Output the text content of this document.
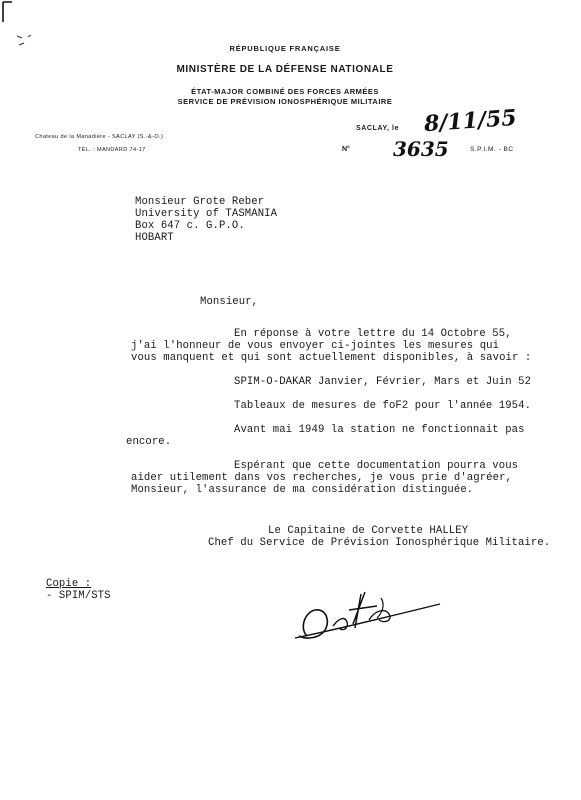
RÉPUBLIQUE FRANÇAISE
MINISTÈRE DE LA DÉFENSE NATIONALE
ÉTAT-MAJOR COMBINÉ DES FORCES ARMÉES
SERVICE DE PRÉVISION IONOSPHÉRIQUE MILITAIRE
Chateau de la Manadière - SACLAY (S.-&-O.)
TÉL. : MANDARD 74-17
SACLAY, le 8/11/55
N° 3635	S.P.I.M. - BC
Monsieur Grote Reber
University of TASMANIA
Box 647 c. G.P.O.
HOBART
Monsieur,
En réponse à votre lettre du 14 Octobre 55,
j'ai l'honneur de vous envoyer ci-jointes les mesures qui
vous manquent et qui sont actuellement disponibles, à savoir :
SPIM-O-DAKAR Janvier, Février, Mars et Juin 52
Tableaux de mesures de foF2 pour l'année 1954.
Avant mai 1949 la station ne fonctionnait pas
encore.
Espérant que cette documentation pourra vous
aider utilement dans vos recherches, je vous prie d'agréer,
Monsieur, l'assurance de ma considération distinguée.
Le Capitaine de Corvette HALLEY
Chef du Service de Prévision Ionosphérique Militaire.
Copie :
- SPIM/STS
